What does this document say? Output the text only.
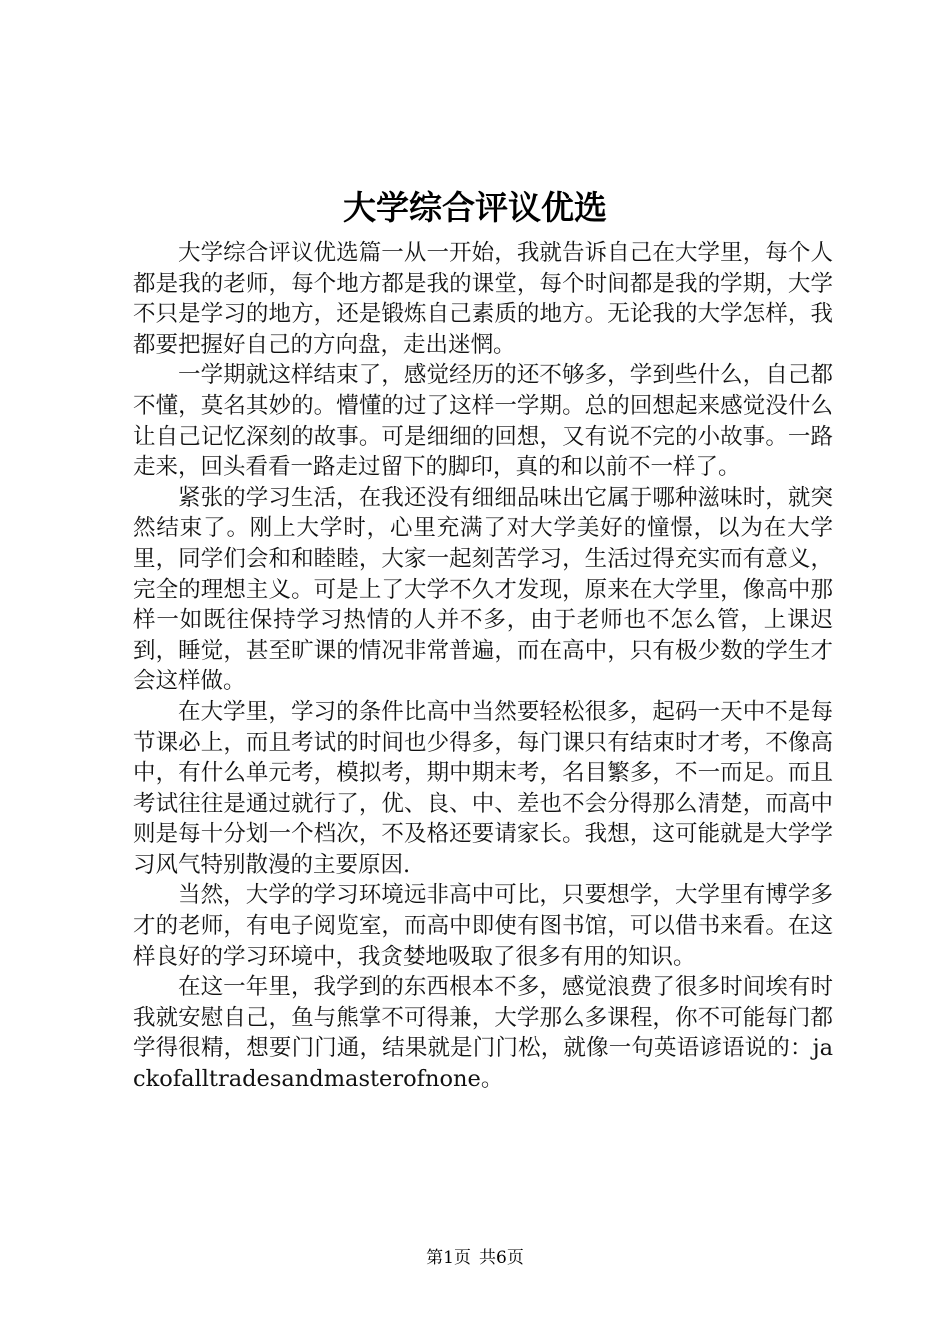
大学综合评议优选

大学综合评议优选篇一从一开始，我就告诉自己在大学里，每个人都是我的老师，每个地方都是我的课堂，每个时间都是我的学期，大学不只是学习的地方，还是锻炼自己素质的地方。无论我的大学怎样，我都要把握好自己的方向盘，走出迷惘。

一学期就这样结束了，感觉经历的还不够多，学到些什么，自己都不懂，莫名其妙的。懵懂的过了这样一学期。总的回想起来感觉没什么让自己记忆深刻的故事。可是细细的回想，又有说不完的小故事。一路走来，回头看看一路走过留下的脚印，真的和以前不一样了。

紧张的学习生活，在我还没有细细品味出它属于哪种滋味时，就突然结束了。刚上大学时，心里充满了对大学美好的憧憬，以为在大学里，同学们会和和睦睦，大家一起刻苦学习，生活过得充实而有意义，完全的理想主义。可是上了大学不久才发现，原来在大学里，像高中那样一如既往保持学习热情的人并不多，由于老师也不怎么管，上课迟到，睡觉，甚至旷课的情况非常普遍，而在高中，只有极少数的学生才会这样做。

在大学里，学习的条件比高中当然要轻松很多，起码一天中不是每节课必上，而且考试的时间也少得多，每门课只有结束时才考，不像高中，有什么单元考，模拟考，期中期末考，名目繁多，不一而足。而且考试往往是通过就行了，优、良、中、差也不会分得那么清楚，而高中则是每十分划一个档次，不及格还要请家长。我想，这可能就是大学学习风气特别散漫的主要原因.

当然，大学的学习环境远非高中可比，只要想学，大学里有博学多才的老师，有电子阅览室，而高中即使有图书馆，可以借书来看。在这样良好的学习环境中，我贪婪地吸取了很多有用的知识。

在这一年里，我学到的东西根本不多，感觉浪费了很多时间埃有时我就安慰自己，鱼与熊掌不可得兼，大学那么多课程，你不可能每门都学得很精，想要门门通，结果就是门门松，就像一句英语谚语说的：jackofalltradesandmasterofnone。

第1页 共6页
